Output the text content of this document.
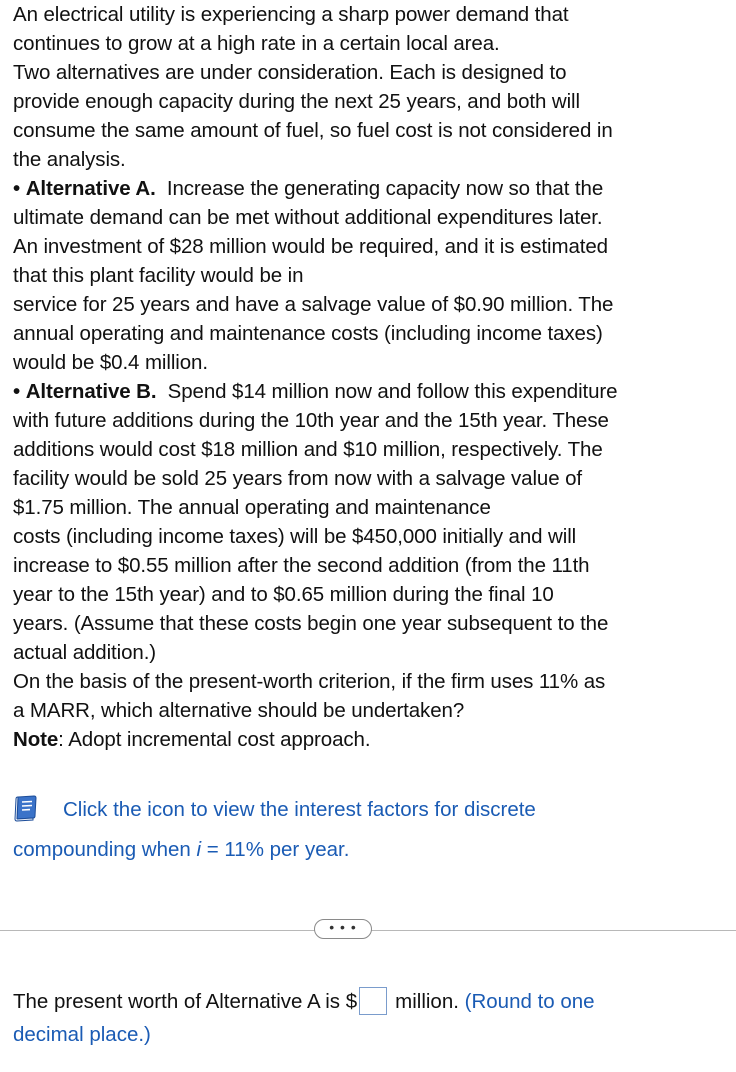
An electrical utility is experiencing a sharp power demand that
continues to grow at a high rate in a certain local area.
Two alternatives are under consideration. Each is designed to
provide enough capacity during the next 25 years, and both will
consume the same amount of fuel, so fuel cost is not considered in
the analysis.
• Alternative A. Increase the generating capacity now so that the
ultimate demand can be met without additional expenditures later.
An investment of $28 million would be required, and it is estimated
that this plant facility would be in
service for 25 years and have a salvage value of $0.90 million. The
annual operating and maintenance costs (including income taxes)
would be $0.4 million.
• Alternative B. Spend $14 million now and follow this expenditure
with future additions during the 10th year and the 15th year. These
additions would cost $18 million and $10 million, respectively. The
facility would be sold 25 years from now with a salvage value of
$1.75 million. The annual operating and maintenance
costs (including income taxes) will be $450,000 initially and will
increase to $0.55 million after the second addition (from the 11th
year to the 15th year) and to $0.65 million during the final 10
years. (Assume that these costs begin one year subsequent to the
actual addition.)
On the basis of the present-worth criterion, if the firm uses 11% as
a MARR, which alternative should be undertaken?
Note: Adopt incremental cost approach.
Click the icon to view the interest factors for discrete
compounding when i = 11% per year.
• • •
The present worth of Alternative A is $ million. (Round to one
decimal place.)
